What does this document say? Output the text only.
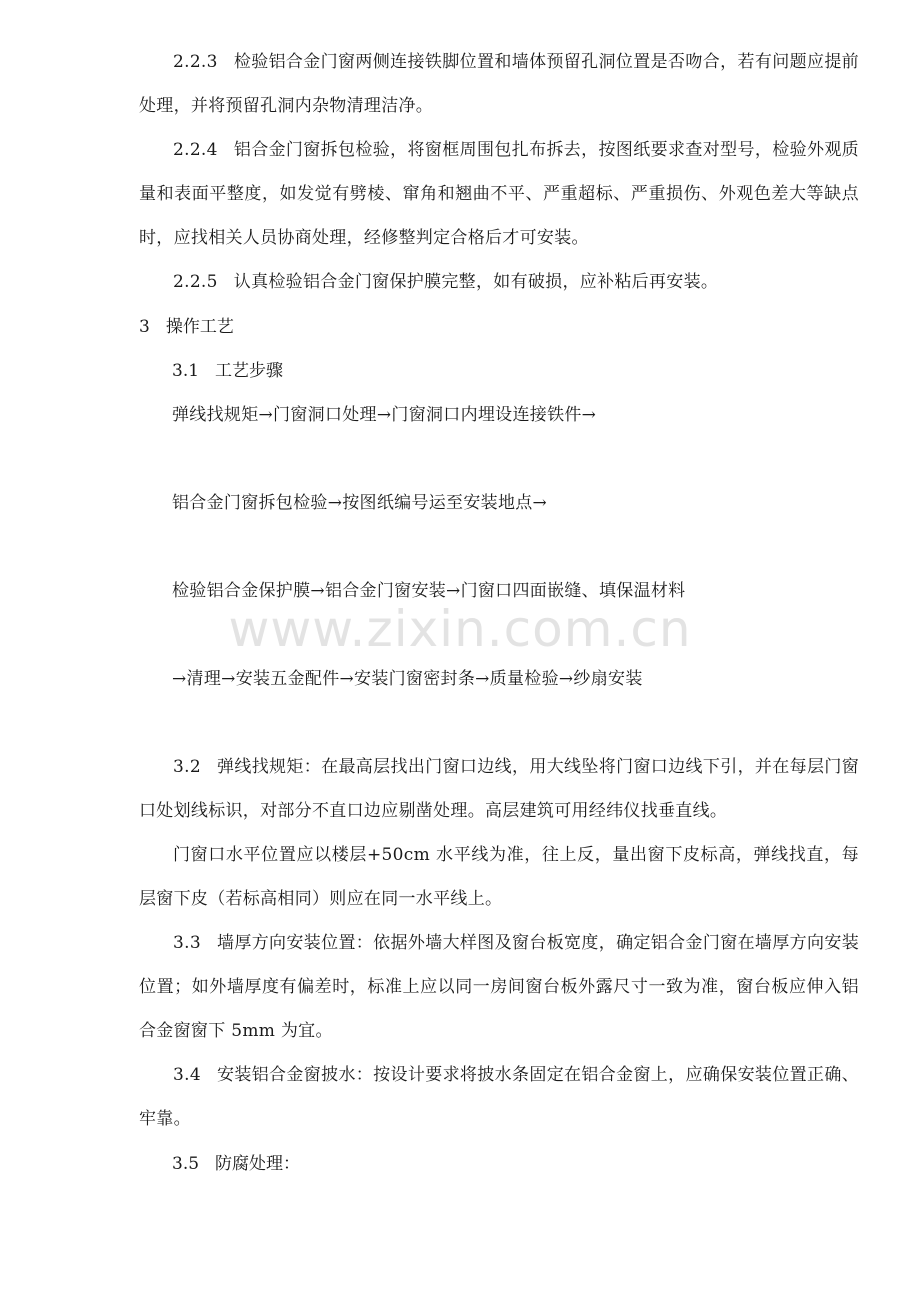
2.2.3 检验铝合金门窗两侧连接铁脚位置和墙体预留孔洞位置是否吻合，若有问题应提前处理，并将预留孔洞内杂物清理洁净。
2.2.4 铝合金门窗拆包检验，将窗框周围包扎布拆去，按图纸要求查对型号，检验外观质量和表面平整度，如发觉有劈棱、窜角和翘曲不平、严重超标、严重损伤、外观色差大等缺点时，应找相关人员协商处理，经修整判定合格后才可安装。
2.2.5 认真检验铝合金门窗保护膜完整，如有破损，应补粘后再安装。
3 操作工艺
3.1 工艺步骤
弹线找规矩→门窗洞口处理→门窗洞口内埋设连接铁件→
铝合金门窗拆包检验→按图纸编号运至安装地点→
检验铝合金保护膜→铝合金门窗安装→门窗口四面嵌缝、填保温材料
→清理→安装五金配件→安装门窗密封条→质量检验→纱扇安装
3.2 弹线找规矩：在最高层找出门窗口边线，用大线坠将门窗口边线下引，并在每层门窗口处划线标识，对部分不直口边应剔凿处理。高层建筑可用经纬仪找垂直线。
门窗口水平位置应以楼层+50cm 水平线为准，往上反，量出窗下皮标高，弹线找直，每层窗下皮（若标高相同）则应在同一水平线上。
3.3 墙厚方向安装位置：依据外墙大样图及窗台板宽度，确定铝合金门窗在墙厚方向安装位置；如外墙厚度有偏差时，标准上应以同一房间窗台板外露尺寸一致为准，窗台板应伸入铝合金窗窗下 5mm 为宜。
3.4 安装铝合金窗披水：按设计要求将披水条固定在铝合金窗上，应确保安装位置正确、牢靠。
3.5 防腐处理：
www.zixin.com.cn
